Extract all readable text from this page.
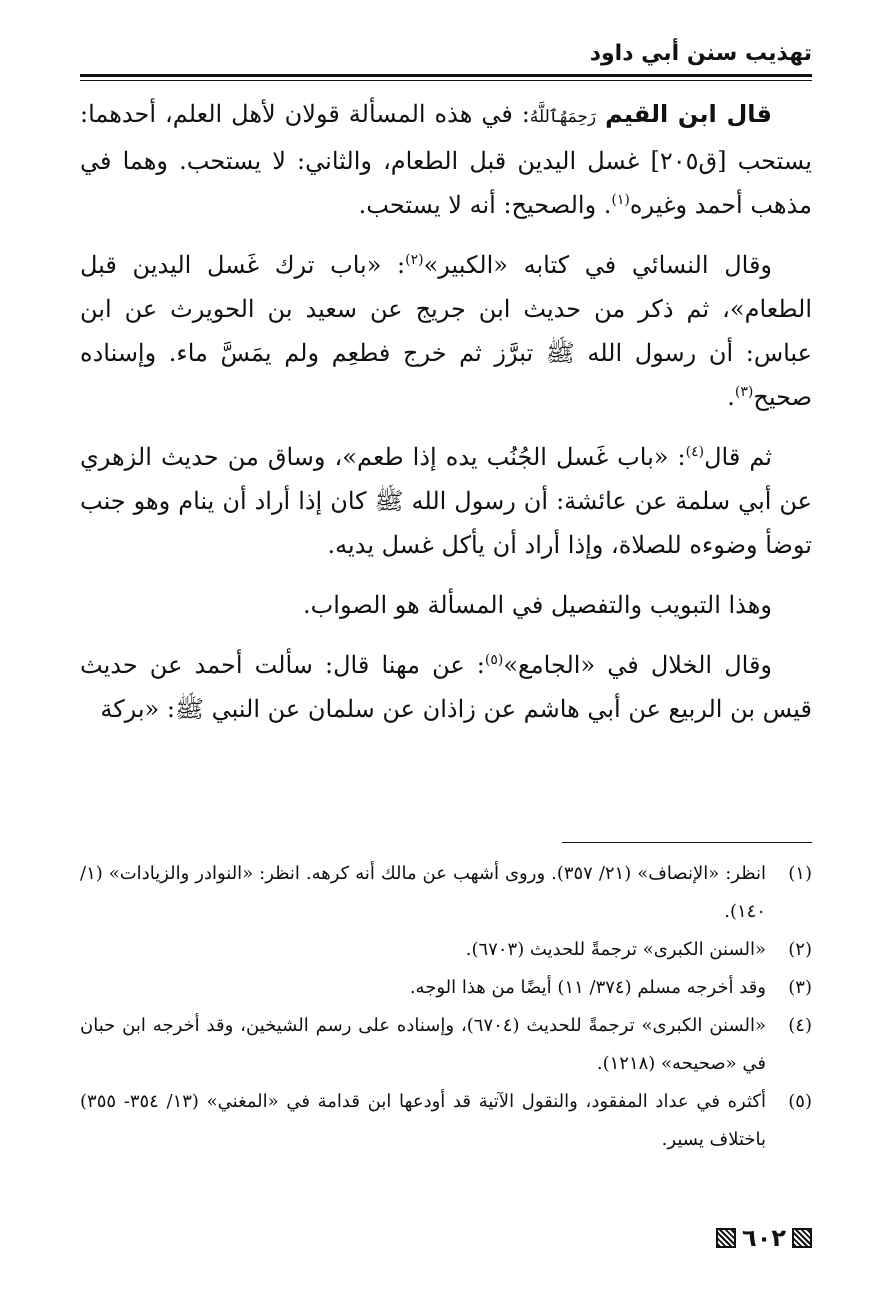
تهذيب سنن أبي داود

قال ابن القيم رَحِمَهُٱللَّهُ: في هذه المسألة قولان لأهل العلم، أحدهما: يستحب [ق٢٠٥] غسل اليدين قبل الطعام، والثاني: لا يستحب. وهما في مذهب أحمد وغيره$^{(١)}$. والصحيح: أنه لا يستحب.

وقال النسائي في كتابه «الكبير»$^{(٢)}$: «باب ترك غَسل اليدين قبل الطعام»، ثم ذكر من حديث ابن جريج عن سعيد بن الحويرث عن ابن عباس: أن رسول الله ﷺ تبرَّز ثم خرج فطعِم ولم يمَسَّ ماء. وإسناده صحيح$^{(٣)}$.

ثم قال$^{(٤)}$: «باب غَسل الجُنُب يده إذا طعم»، وساق من حديث الزهري عن أبي سلمة عن عائشة: أن رسول الله ﷺ كان إذا أراد أن ينام وهو جنب توضأ وضوءه للصلاة، وإذا أراد أن يأكل غسل يديه.

وهذا التبويب والتفصيل في المسألة هو الصواب.

وقال الخلال في «الجامع»$^{(٥)}$: عن مهنا قال: سألت أحمد عن حديث قيس بن الربيع عن أبي هاشم عن زاذان عن سلمان عن النبي ﷺ: «بركة

(١)
انظر: «الإنصاف» (٢١/ ٣٥٧). وروى أشهب عن مالك أنه كرهه. انظر: «النوادر والزيادات» (١/ ١٤٠).
(٢)
«السنن الكبرى» ترجمةً للحديث (٦٧٠٣).
(٣)
وقد أخرجه مسلم (٣٧٤/ ١١) أيضًا من هذا الوجه.
(٤)
«السنن الكبرى» ترجمةً للحديث (٦٧٠٤)، وإسناده على رسم الشيخين، وقد أخرجه ابن حبان في «صحيحه» (١٢١٨).
(٥)
أكثره في عداد المفقود، والنقول الآتية قد أودعها ابن قدامة في «المغني» (١٣/ ٣٥٤- ٣٥٥) باختلاف يسير.
٦٠٢
